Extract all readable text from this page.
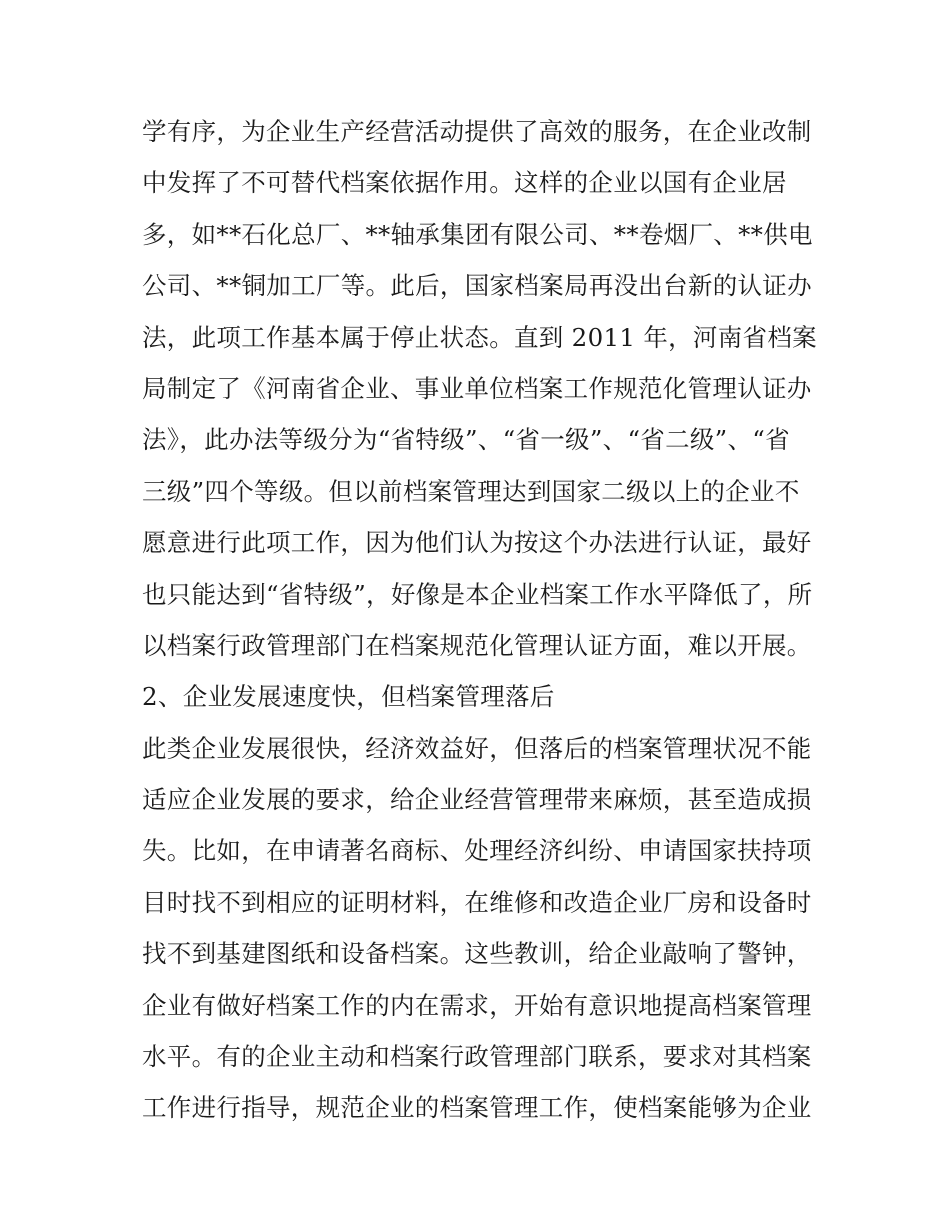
学有序，为企业生产经营活动提供了高效的服务，在企业改制
中发挥了不可替代档案依据作用。这样的企业以国有企业居
多，如**石化总厂、**轴承集团有限公司、**卷烟厂、**供电
公司、**铜加工厂等。此后，国家档案局再没出台新的认证办
法，此项工作基本属于停止状态。直到 2011 年，河南省档案
局制定了《河南省企业、事业单位档案工作规范化管理认证办
法》，此办法等级分为“省特级”、“省一级”、“省二级”、“省
三级”四个等级。但以前档案管理达到国家二级以上的企业不
愿意进行此项工作，因为他们认为按这个办法进行认证，最好
也只能达到“省特级”，好像是本企业档案工作水平降低了，所
以档案行政管理部门在档案规范化管理认证方面，难以开展。
2、企业发展速度快，但档案管理落后
此类企业发展很快，经济效益好，但落后的档案管理状况不能
适应企业发展的要求，给企业经营管理带来麻烦，甚至造成损
失。比如，在申请著名商标、处理经济纠纷、申请国家扶持项
目时找不到相应的证明材料，在维修和改造企业厂房和设备时
找不到基建图纸和设备档案。这些教训，给企业敲响了警钟，
企业有做好档案工作的内在需求，开始有意识地提高档案管理
水平。有的企业主动和档案行政管理部门联系，要求对其档案
工作进行指导，规范企业的档案管理工作，使档案能够为企业
